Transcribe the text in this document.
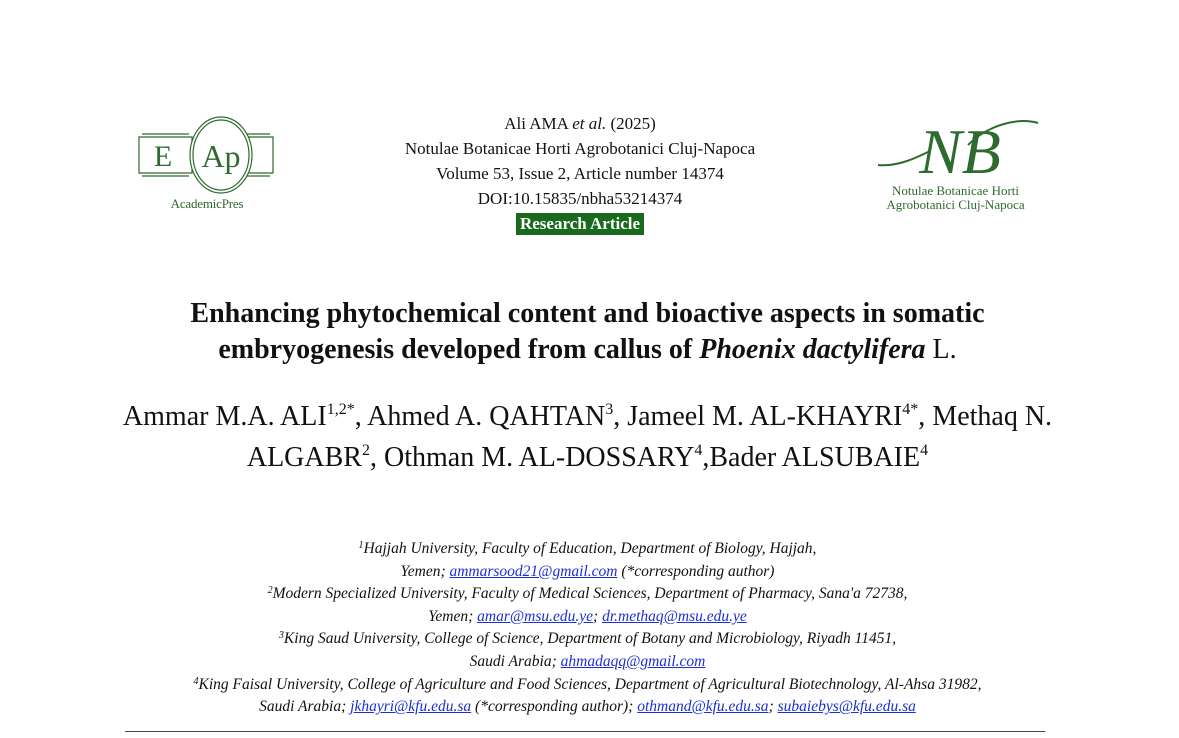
E Ap
AcademicPres
Ali AMA et al. (2025)
Notulae Botanicae Horti Agrobotanici Cluj-Napoca
Volume 53, Issue 2, Article number 14374
DOI:10.15835/nbha53214374
Research Article
NB
Notulae Botanicae Horti
Agrobotanici Cluj-Napoca
Enhancing phytochemical content and bioactive aspects in somatic
embryogenesis developed from callus of Phoenix dactylifera L.
Ammar M.A. $ALI^{1,2*}$, Ahmed A. QAHTAN$^3$, Jameel M. $AL-KHAYRI^{4*}$, Methaq N. ALGABR$^2$, Othman M. AL-DOSSARY$^4$,Bader ALSUBAIE$^4$
$^1$Hajjah University, Faculty of Education, Department of Biology, Hajjah,
Yemen; ammarsood21@gmail.com (*corresponding author)
$^2$Modern Specialized University, Faculty of Medical Sciences, Department of Pharmacy, Sana'a 72738,
Yemen; amar@msu.edu.ye; dr.methaq@msu.edu.ye
$^3$King Saud University, College of Science, Department of Botany and Microbiology, Riyadh 11451,
Saudi Arabia; ahmadaqq@gmail.com
$^4$King Faisal University, College of Agriculture and Food Sciences, Department of Agricultural Biotechnology, Al-Ahsa 31982,
Saudi Arabia; jkhayri@kfu.edu.sa (*corresponding author); othmand@kfu.edu.sa; subaiebys@kfu.edu.sa
